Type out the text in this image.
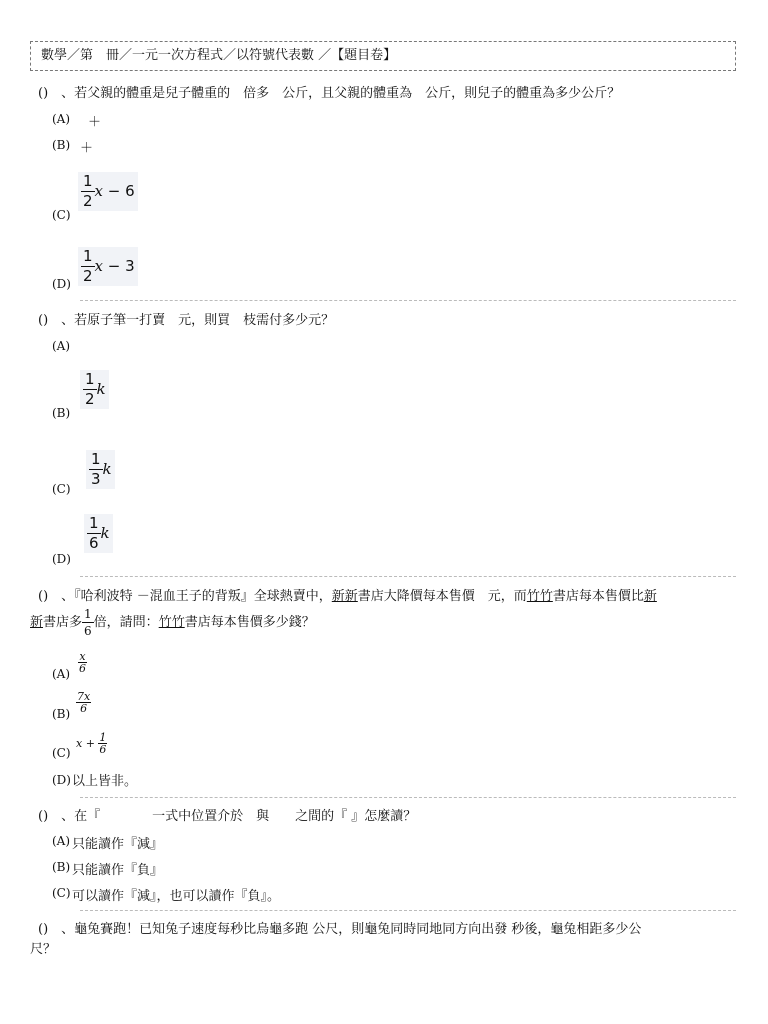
數學／第　冊／一元一次方程式／以符號代表數 ／【題目卷】
()　、若父親的體重是兒子體重的　倍多　公斤，且父親的體重為　公斤，則兒子的體重為多少公斤？
(A) ＋
(B) ＋
(C)
$\frac{1}{2}$ x − 6
$(D) \frac{1}{2}$ x − 3
()　、若原子筆一打賣　元，則買　枝需付多少元？
(A)
(B)
$\frac{1}{2}$ k
(C)
$\frac{1}{3}$ k
(D)
$\frac{1}{6}$ k
()　、『哈利波特 －混血王子的背叛』全球熱賣中，新新書店大降價每本售價　元，而竹竹書店每本售價比新
新書店多 $\frac{1}{6}$ 倍，請問：竹竹書店每本售價多少錢？
$(A) \frac{x}{6}$
$(B) \frac{7x}{6}$
(C)
$x + \frac{1}{6}$
(D) 以上皆非。
()　、在『　　　　一式中位置介於　與　　之間的『 』怎麼讀？
(A) 只能讀作『減』
(B) 只能讀作『負』
(C) 可以讀作『減』，也可以讀作『負』。
()　、龜兔賽跑！已知兔子速度每秒比烏龜多跑 公尺，則龜兔同時同地同方向出發 秒後，龜兔相距多少公
尺？
